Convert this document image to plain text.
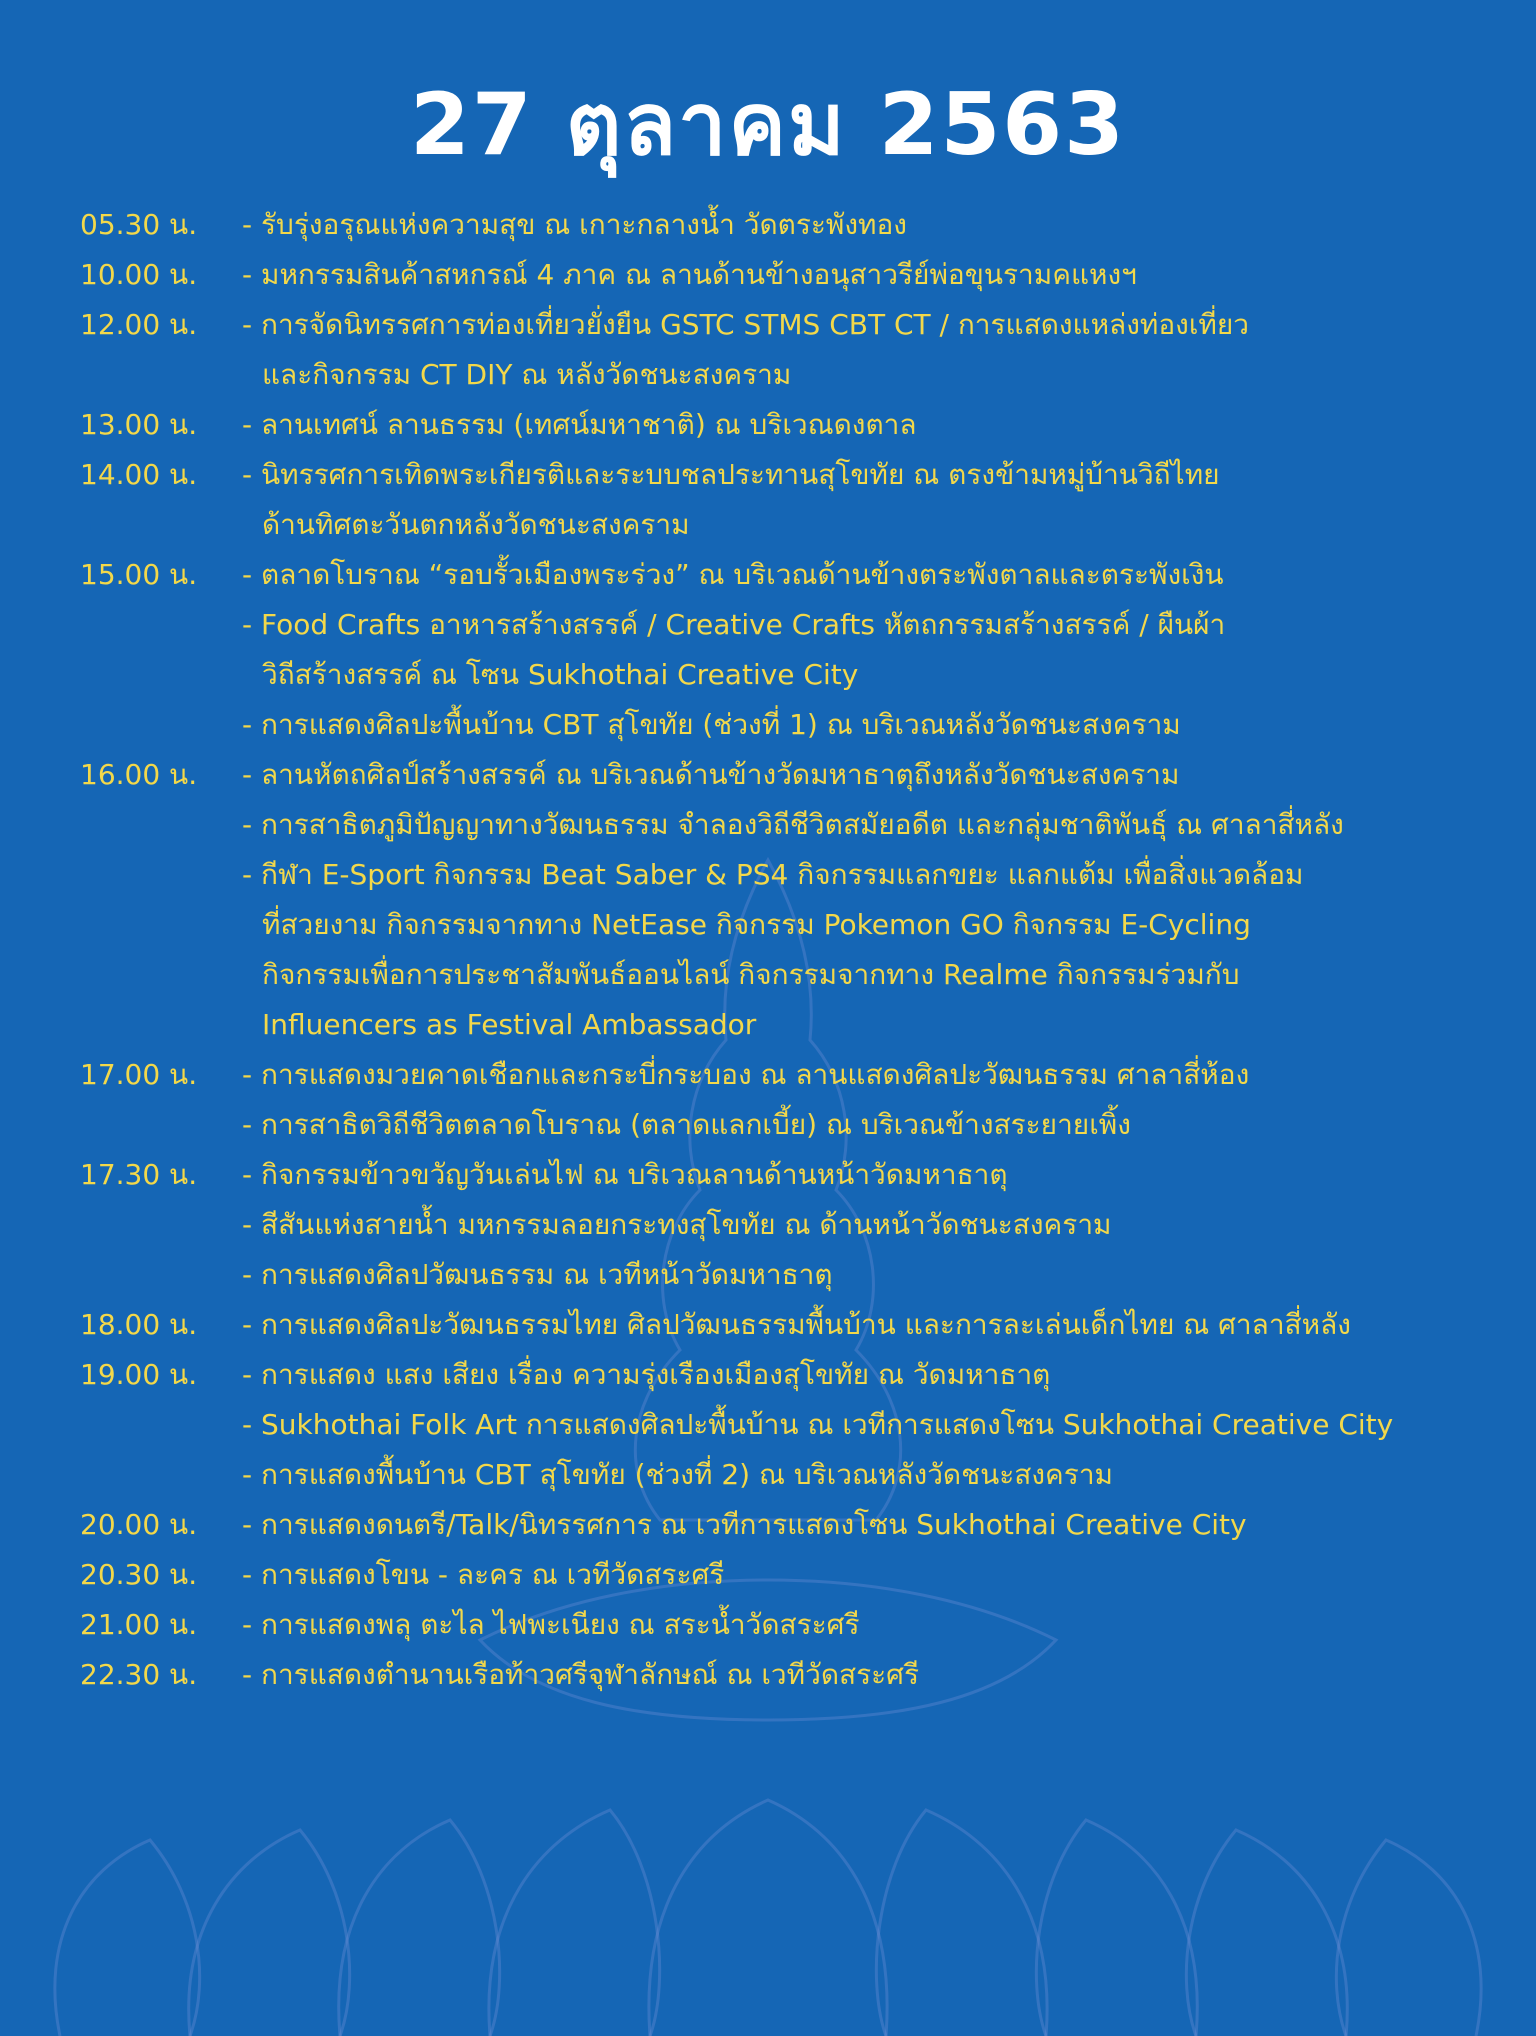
27 ตุลาคม 2563
05.30 น.	- รับรุ่งอรุณแห่งความสุข ณ เกาะกลางน้ำ วัดตระพังทอง
10.00 น.	- มหกรรมสินค้าสหกรณ์ 4 ภาค ณ ลานด้านข้างอนุสาวรีย์พ่อขุนรามคแหงฯ
12.00 น.	- การจัดนิทรรศการท่องเที่ยวยั่งยืน GSTC STMS CBT CT / การแสดงแหล่งท่องเที่ยว
และกิจกรรม CT DIY ณ หลังวัดชนะสงคราม
13.00 น.	- ลานเทศน์ ลานธรรม (เทศน์มหาชาติ) ณ บริเวณดงตาล
14.00 น.	- นิทรรศการเทิดพระเกียรติและระบบชลประทานสุโขทัย ณ ตรงข้ามหมู่บ้านวิถีไทย
ด้านทิศตะวันตกหลังวัดชนะสงคราม
15.00 น.	- ตลาดโบราณ “รอบรั้วเมืองพระร่วง” ณ บริเวณด้านข้างตระพังตาลและตระพังเงิน
- Food Crafts อาหารสร้างสรรค์ / Creative Crafts หัตถกรรมสร้างสรรค์ / ผืนผ้า
วิถีสร้างสรรค์ ณ โซน Sukhothai Creative City
- การแสดงศิลปะพื้นบ้าน CBT สุโขทัย (ช่วงที่ 1) ณ บริเวณหลังวัดชนะสงคราม
16.00 น.	- ลานหัตถศิลป์สร้างสรรค์ ณ บริเวณด้านข้างวัดมหาธาตุถึงหลังวัดชนะสงคราม
- การสาธิตภูมิปัญญาทางวัฒนธรรม จำลองวิถีชีวิตสมัยอดีต และกลุ่มชาติพันธุ์ ณ ศาลาสี่หลัง
- กีฬา E-Sport กิจกรรม Beat Saber & PS4 กิจกรรมแลกขยะ แลกแต้ม เพื่อสิ่งแวดล้อม
ที่สวยงาม กิจกรรมจากทาง NetEase กิจกรรม Pokemon GO กิจกรรม E-Cycling
กิจกรรมเพื่อการประชาสัมพันธ์ออนไลน์ กิจกรรมจากทาง Realme กิจกรรมร่วมกับ
Influencers as Festival Ambassador
17.00 น.	- การแสดงมวยคาดเชือกและกระบี่กระบอง ณ ลานแสดงศิลปะวัฒนธรรม ศาลาสี่ห้อง
- การสาธิตวิถีชีวิตตลาดโบราณ (ตลาดแลกเบี้ย) ณ บริเวณข้างสระยายเพิ้ง
17.30 น.	- กิจกรรมข้าวขวัญวันเล่นไฟ ณ บริเวณลานด้านหน้าวัดมหาธาตุ
- สีสันแห่งสายน้ำ มหกรรมลอยกระทงสุโขทัย ณ ด้านหน้าวัดชนะสงคราม
- การแสดงศิลปวัฒนธรรม ณ เวทีหน้าวัดมหาธาตุ
18.00 น.	- การแสดงศิลปะวัฒนธรรมไทย ศิลปวัฒนธรรมพื้นบ้าน และการละเล่นเด็กไทย ณ ศาลาสี่หลัง
19.00 น.	- การแสดง แสง เสียง เรื่อง ความรุ่งเรืองเมืองสุโขทัย ณ วัดมหาธาตุ
- Sukhothai Folk Art การแสดงศิลปะพื้นบ้าน ณ เวทีการแสดงโซน Sukhothai Creative City
- การแสดงพื้นบ้าน CBT สุโขทัย (ช่วงที่ 2) ณ บริเวณหลังวัดชนะสงคราม
20.00 น.	- การแสดงดนตรี/Talk/นิทรรศการ ณ เวทีการแสดงโซน Sukhothai Creative City
20.30 น.	- การแสดงโขน - ละคร ณ เวทีวัดสระศรี
21.00 น.	- การแสดงพลุ ตะไล ไฟพะเนียง ณ สระน้ำวัดสระศรี
22.30 น.	- การแสดงตำนานเรือท้าวศรีจุฬาลักษณ์ ณ เวทีวัดสระศรี
